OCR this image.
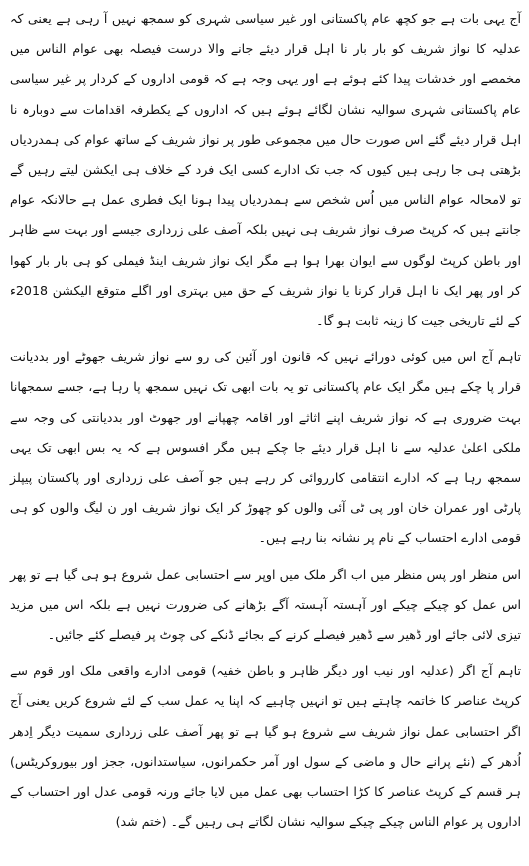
آج یہی بات ہے جو کچھ عام پاکستانی اور غیر سیاسی شہری کو سمجھ نہیں آ رہی ہے یعنی کہ عدلیہ کا نواز شریف کو بار بار نا اہل قرار دیئے جانے والا درست فیصلہ بھی عوام الناس میں مخمصے اور خدشات پیدا کئے ہوئے ہے اور یہی وجہ ہے کہ قومی اداروں کے کردار پر غیر سیاسی عام پاکستانی شہری سوالیہ نشان لگائے ہوئے ہیں کہ اداروں کے یکطرفہ اقدامات سے دوبارہ نا اہل قرار دیئے گئے اس صورت حال میں مجموعی طور پر نواز شریف کے ساتھ عوام کی ہمدردیاں بڑھتی ہی جا رہی ہیں کیوں کہ جب تک ادارے کسی ایک فرد کے خلاف ہی ایکشن لیتے رہیں گے تو لامحالہ عوام الناس میں اُس شخص سے ہمدردیاں پیدا ہونا ایک فطری عمل ہے حالانکہ عوام جانتے ہیں کہ کرپٹ صرف نواز شریف ہی نہیں بلکہ آصف علی زرداری جیسے اور بہت سے ظاہر اور باطن کرپٹ لوگوں سے ایوان بھرا ہوا ہے مگر ایک نواز شریف اینڈ فیملی کو ہی بار بار کھوا کر اور پھر ایک نا اہل قرار کرنا یا نواز شریف کے حق میں بہتری اور اگلے متوقع الیکشن 2018ء کے لئے تاریخی جیت کا زینہ ثابت ہو گا۔

تاہم آج اس میں کوئی دورائے نہیں کہ قانون اور آئین کی رو سے نواز شریف جھوٹے اور بددیانت قرار پا چکے ہیں مگر ایک عام پاکستانی تو یہ بات ابھی تک نہیں سمجھ پا رہا ہے، جسے سمجھانا بہت ضروری ہے کہ نواز شریف اپنے اثاثے اور اقامہ چھپانے اور جھوٹ اور بددیانتی کی وجہ سے ملکی اعلیٰ عدلیہ سے نا اہل قرار دیئے جا چکے ہیں مگر افسوس ہے کہ یہ بس ابھی تک یہی سمجھ رہا ہے کہ ادارے انتقامی کارروائی کر رہے ہیں جو آصف علی زرداری اور پاکستان پیپلز پارٹی اور عمران خان اور پی ٹی آئی والوں کو چھوڑ کر ایک نواز شریف اور ن لیگ والوں کو ہی قومی ادارے احتساب کے نام پر نشانہ بنا رہے ہیں۔

اس منظر اور پس منظر میں اب اگر ملک میں اوپر سے احتسابی عمل شروع ہو ہی گیا ہے تو پھر اس عمل کو چیکے چیکے اور آہستہ آہستہ آگے بڑھانے کی ضرورت نہیں ہے بلکہ اس میں مزید تیزی لائی جائے اور ڈھیر سے ڈھیر فیصلے کرنے کے بجائے ڈنکے کی چوٹ پر فیصلے کئے جائیں۔

تاہم آج اگر (عدلیہ اور نیب اور دیگر ظاہر و باطن خفیہ) قومی ادارے واقعی ملک اور قوم سے کرپٹ عناصر کا خاتمہ چاہتے ہیں تو انہیں چاہیے کہ اپنا یہ عمل سب کے لئے شروع کریں یعنی آج اگر احتسابی عمل نواز شریف سے شروع ہو گیا ہے تو پھر آصف علی زرداری سمیت دیگر اِدھر اُدھر کے (نئے پرانے حال و ماضی کے سول اور آمر حکمرانوں، سیاستدانوں، ججز اور بیوروکریٹس) ہر قسم کے کرپٹ عناصر کا کڑا احتساب بھی عمل میں لایا جائے ورنہ قومی عدل اور احتساب کے اداروں پر عوام الناس چیکے چیکے سوالیہ نشان لگاتے ہی رہیں گے۔ (ختم شد)
